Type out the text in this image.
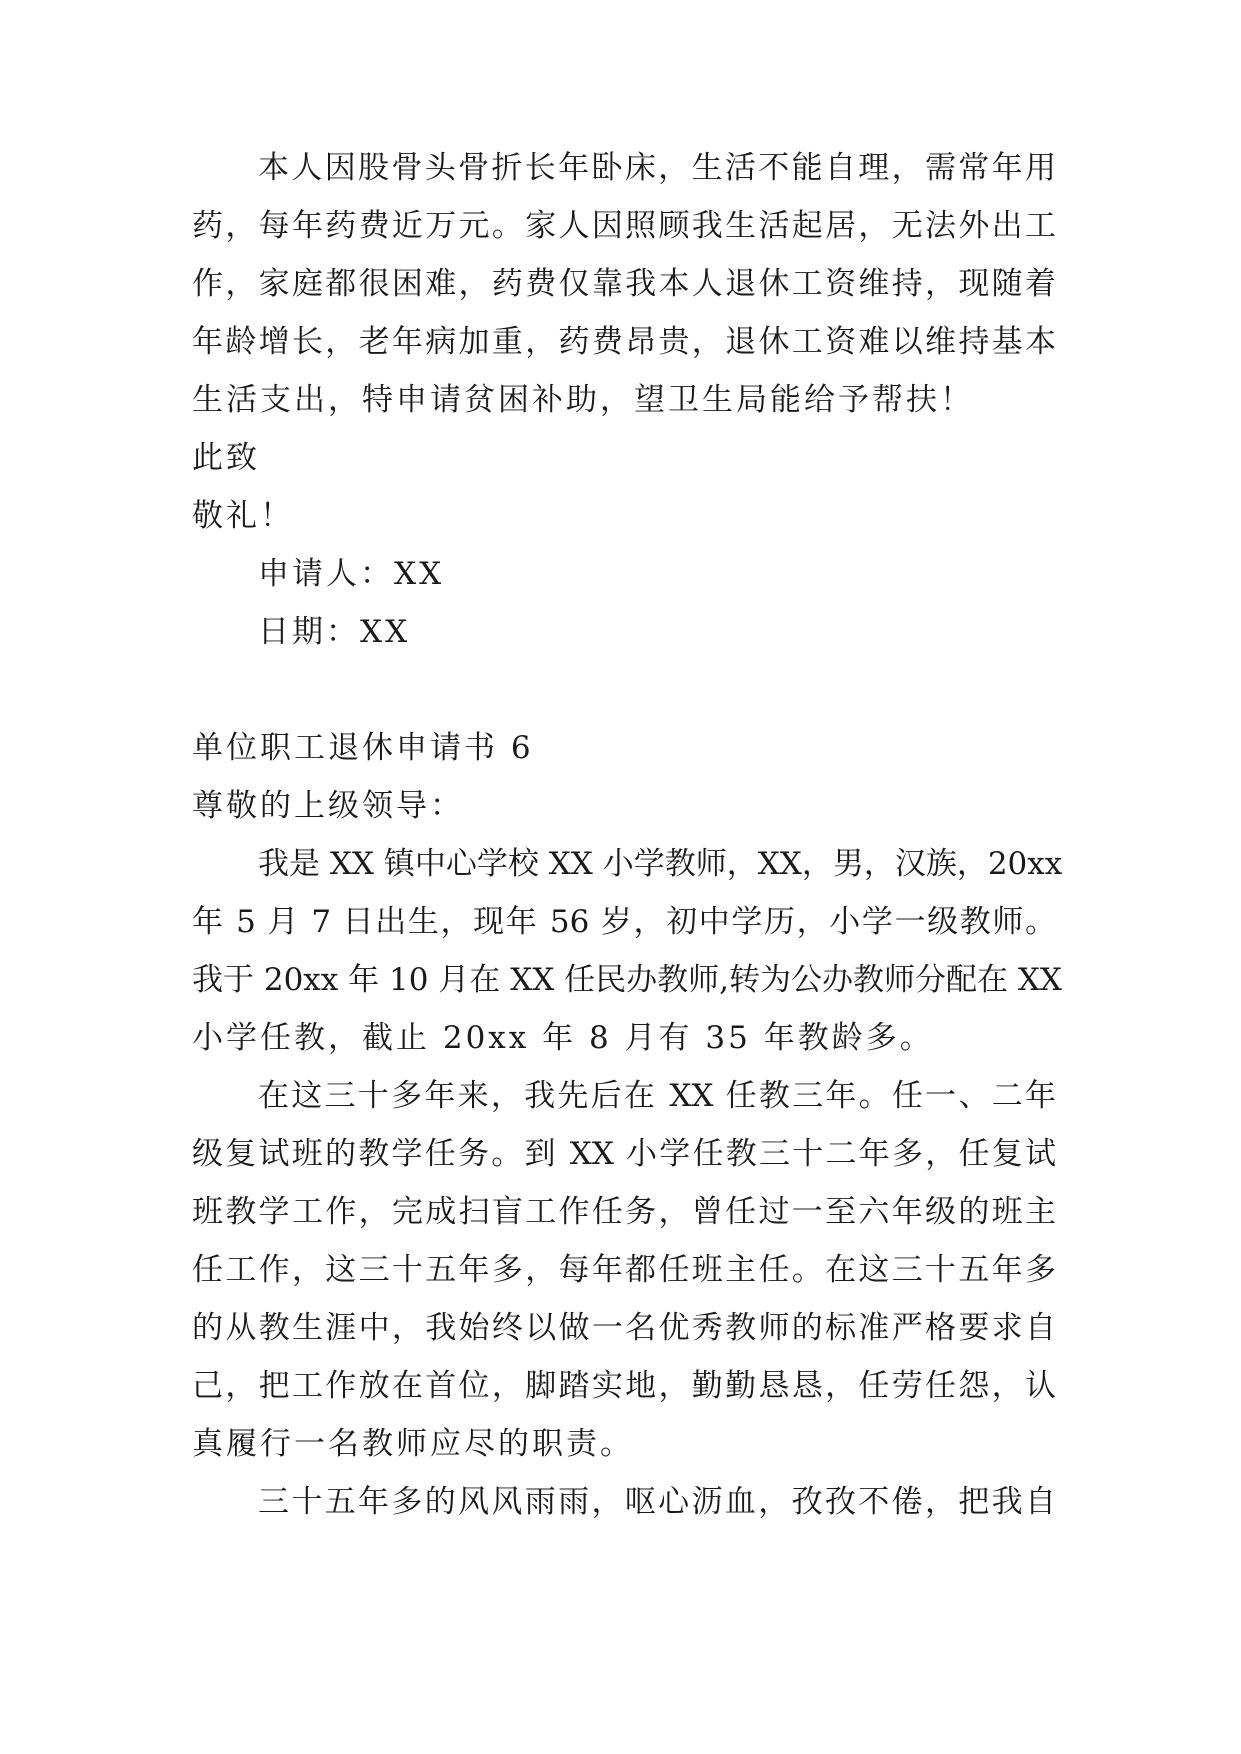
本人因股骨头骨折长年卧床，生活不能自理，需常年用

药，每年药费近万元。家人因照顾我生活起居，无法外出工

作，家庭都很困难，药费仅靠我本人退休工资维持，现随着

年龄增长，老年病加重，药费昂贵，退休工资难以维持基本

生活支出，特申请贫困补助，望卫生局能给予帮扶！

此致

敬礼！

申请人：XX

日期：XX

单位职工退休申请书 6

尊敬的上级领导：

我是 XX 镇中心学校 XX 小学教师，XX，男，汉族，20xx

年 5 月 7 日出生，现年 56 岁，初中学历，小学一级教师。

我于 20xx 年 10 月在 XX 任民办教师,转为公办教师分配在 XX

小学任教，截止 20xx 年 8 月有 35 年教龄多。

在这三十多年来，我先后在 XX 任教三年。任一、二年

级复试班的教学任务。到 XX 小学任教三十二年多，任复试

班教学工作，完成扫盲工作任务，曾任过一至六年级的班主

任工作，这三十五年多，每年都任班主任。在这三十五年多

的从教生涯中，我始终以做一名优秀教师的标准严格要求自

己，把工作放在首位，脚踏实地，勤勤恳恳，任劳任怨，认

真履行一名教师应尽的职责。

三十五年多的风风雨雨，呕心沥血，孜孜不倦，把我自
